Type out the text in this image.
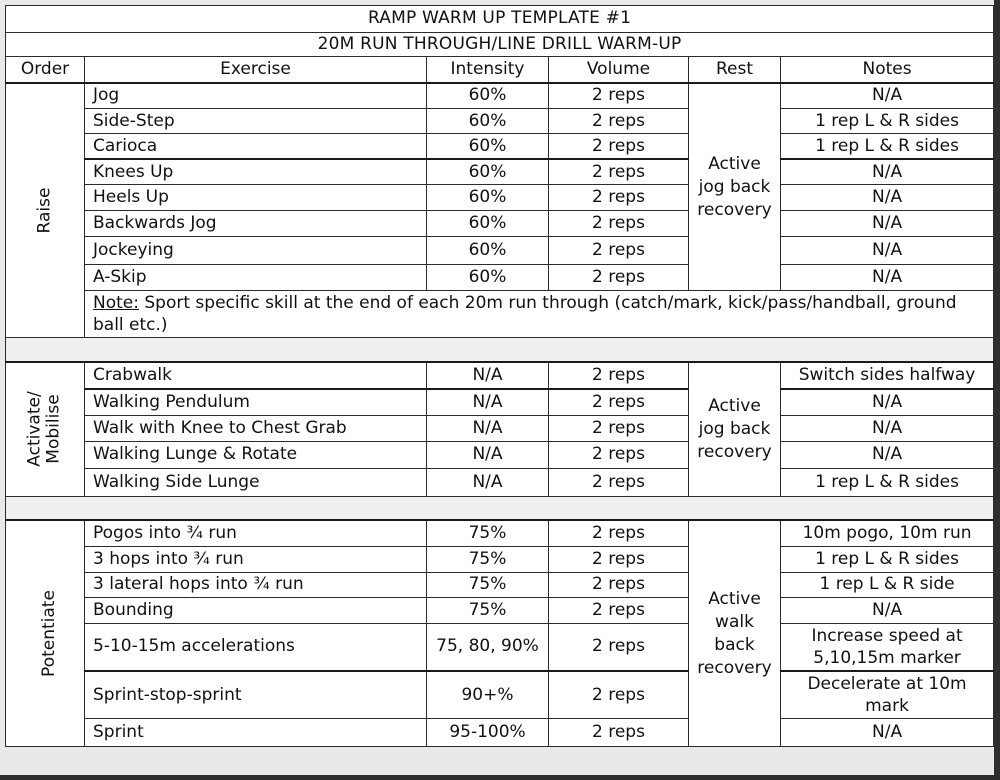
RAMP WARM UP TEMPLATE #1					
20M RUN THROUGH/LINE DRILL WARM-UP					
Order	Exercise	Intensity	Volume	Rest	Notes
Raise	Jog	60%	2 reps	Active jog back recovery	N/A
	Side-Step	60%	2 reps		1 rep L & R sides
	Carioca	60%	2 reps		1 rep L & R sides
	Knees Up	60%	2 reps		N/A
	Heels Up	60%	2 reps		N/A
	Backwards Jog	60%	2 reps		N/A
	Jockeying	60%	2 reps		N/A
	A-Skip	60%	2 reps		N/A
	Note: Sport specific skill at the end of each 20m run through (catch/mark, kick/pass/handball, ground ball etc.)				

Activate/ Mobilise	Crabwalk	N/A	2 reps	Active jog back recovery	Switch sides halfway
	Walking Pendulum	N/A	2 reps		N/A
	Walk with Knee to Chest Grab	N/A	2 reps		N/A
	Walking Lunge & Rotate	N/A	2 reps		N/A
	Walking Side Lunge	N/A	2 reps		1 rep L & R sides

Potentiate	Pogos into ¾ run	75%	2 reps	Active walk back recovery	10m pogo, 10m run
	3 hops into ¾ run	75%	2 reps		1 rep L & R sides
	3 lateral hops into ¾ run	75%	2 reps		1 rep L & R side
	Bounding	75%	2 reps		N/A
	5-10-15m accelerations	75, 80, 90%	2 reps		Increase speed at 5,10,15m marker
	Sprint-stop-sprint	90+%	2 reps		Decelerate at 10m mark
	Sprint	95-100%	2 reps		N/A
